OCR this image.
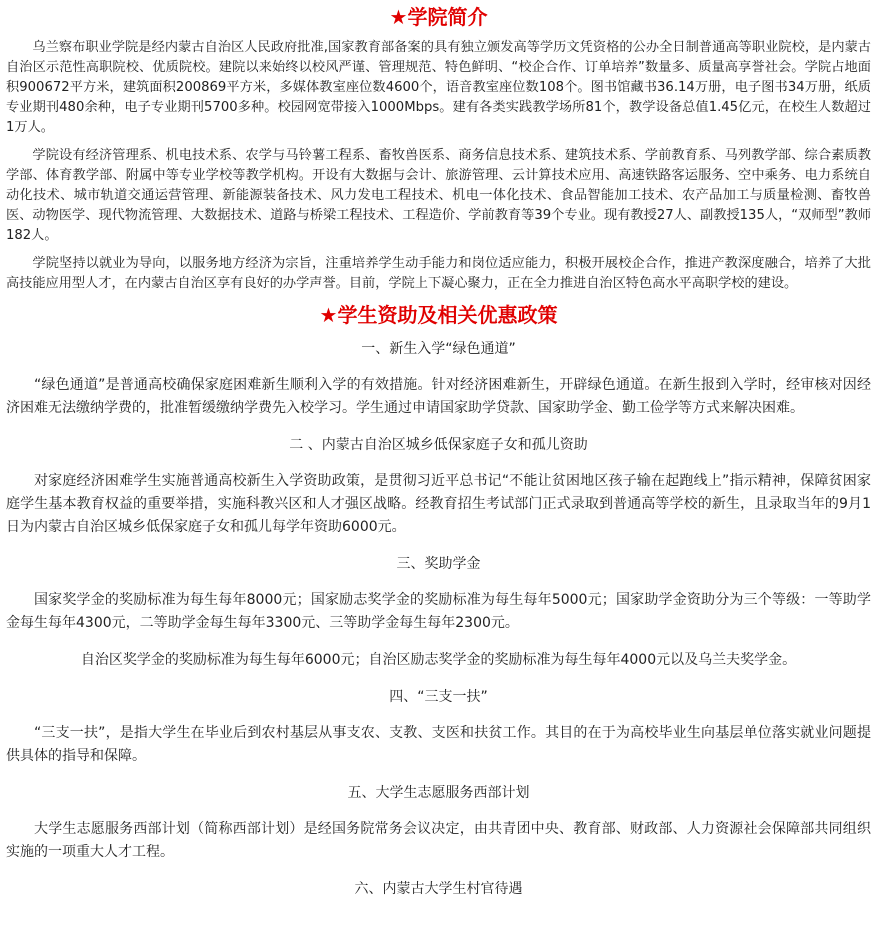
★学院简介

乌兰察布职业学院是经内蒙古自治区人民政府批准,国家教育部备案的具有独立颁发高等学历文凭资格的公办全日制普通高等职业院校，是内蒙古自治区示范性高职院校、优质院校。建院以来始终以校风严谨、管理规范、特色鲜明、“校企合作、订单培养”数量多、质量高享誉社会。学院占地面积900672平方米，建筑面积200869平方米，多媒体教室座位数4600个，语音教室座位数108个。图书馆藏书36.14万册，电子图书34万册，纸质专业期刊480余种，电子专业期刊5700多种。校园网宽带接入1000Mbps。建有各类实践教学场所81个，教学设备总值1.45亿元，在校生人数超过1万人。

学院设有经济管理系、机电技术系、农学与马铃薯工程系、畜牧兽医系、商务信息技术系、建筑技术系、学前教育系、马列教学部、综合素质教学部、体育教学部、附属中等专业学校等教学机构。开设有大数据与会计、旅游管理、云计算技术应用、高速铁路客运服务、空中乘务、电力系统自动化技术、城市轨道交通运营管理、新能源装备技术、风力发电工程技术、机电一体化技术、食品智能加工技术、农产品加工与质量检测、畜牧兽医、动物医学、现代物流管理、大数据技术、道路与桥梁工程技术、工程造价、学前教育等39个专业。现有教授27人、副教授135人，“双师型”教师182人。

学院坚持以就业为导向，以服务地方经济为宗旨，注重培养学生动手能力和岗位适应能力，积极开展校企合作，推进产教深度融合，培养了大批高技能应用型人才，在内蒙古自治区享有良好的办学声誉。目前，学院上下凝心聚力，正在全力推进自治区特色高水平高职学校的建设。

★学生资助及相关优惠政策
一、新生入学“绿色通道”

“绿色通道”是普通高校确保家庭困难新生顺利入学的有效措施。针对经济困难新生，开辟绿色通道。在新生报到入学时，经审核对因经济困难无法缴纳学费的，批准暂缓缴纳学费先入校学习。学生通过申请国家助学贷款、国家助学金、勤工俭学等方式来解决困难。

二 、内蒙古自治区城乡低保家庭子女和孤儿资助

对家庭经济困难学生实施普通高校新生入学资助政策，是贯彻习近平总书记“不能让贫困地区孩子输在起跑线上”指示精神，保障贫困家庭学生基本教育权益的重要举措，实施科教兴区和人才强区战略。经教育招生考试部门正式录取到普通高等学校的新生，且录取当年的9月1日为内蒙古自治区城乡低保家庭子女和孤儿每学年资助6000元。

三、奖助学金

国家奖学金的奖励标准为每生每年8000元；国家励志奖学金的奖励标准为每生每年5000元；国家助学金资助分为三个等级：一等助学金每生每年4300元，二等助学金每生每年3300元、三等助学金每生每年2300元。

自治区奖学金的奖励标准为每生每年6000元；自治区励志奖学金的奖励标准为每生每年4000元以及乌兰夫奖学金。

四、“三支一扶”

“三支一扶”，是指大学生在毕业后到农村基层从事支农、支教、支医和扶贫工作。其目的在于为高校毕业生向基层单位落实就业问题提供具体的指导和保障。

五、大学生志愿服务西部计划

大学生志愿服务西部计划（简称西部计划）是经国务院常务会议决定，由共青团中央、教育部、财政部、人力资源社会保障部共同组织实施的一项重大人才工程。

六、内蒙古大学生村官待遇
